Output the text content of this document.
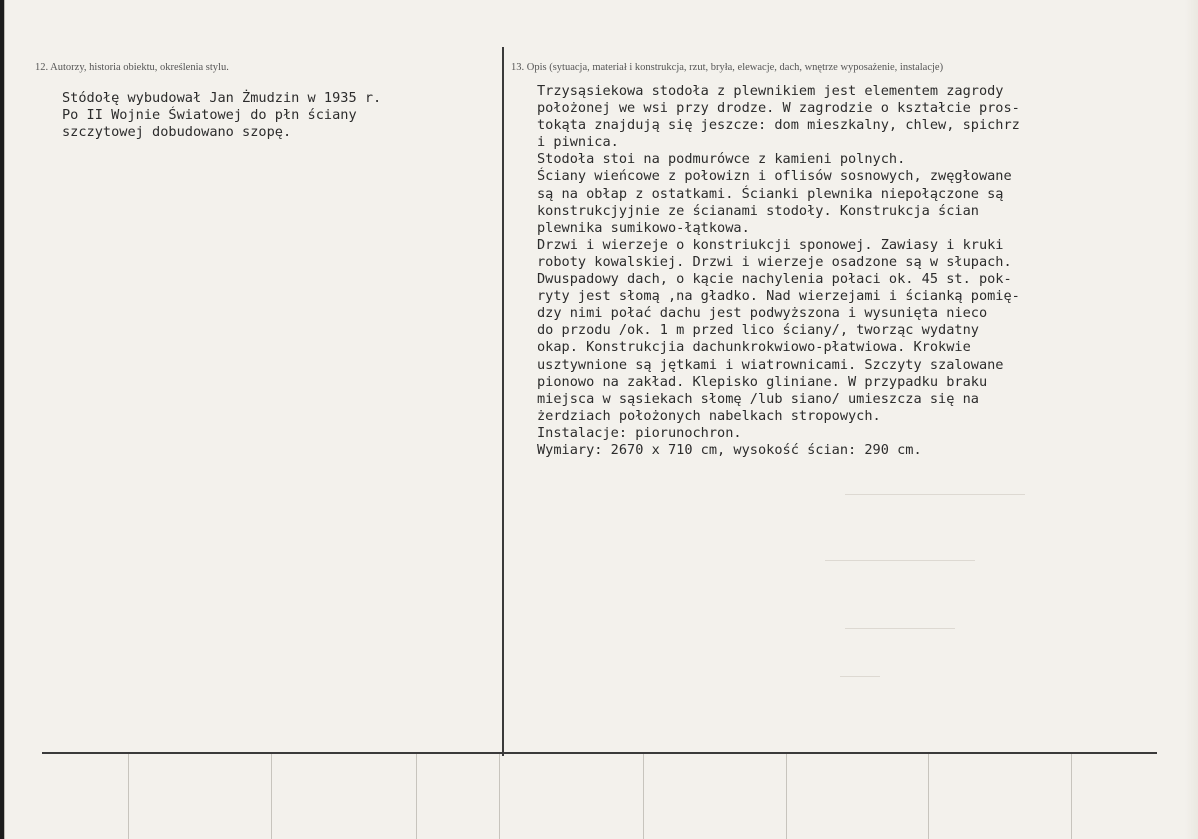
12. Autorzy, historia obiektu, określenia stylu.	13. Opis (sytuacja, materiał i konstrukcja, rzut, bryła, elewacje, dach, wnętrze wyposażenie, instalacje)
Stódołę wybudował Jan Żmudzin w 1935 r.
Po II Wojnie Światowej do płn ściany
szczytowej dobudowano szopę.
Trzysąsiekowa stodoła z plewnikiem jest elementem zagrody
położonej we wsi przy drodze. W zagrodzie o kształcie pros-
tokąta znajdują się jeszcze: dom mieszkalny, chlew, spichrz
i piwnica.
Stodoła stoi na podmurówce z kamieni polnych.
Ściany wieńcowe z połowizn i oflisów sosnowych, zwęgłowane
są na obłap z ostatkami. Ścianki plewnika niepołączone są
konstrukcjyjnie ze ścianami stodoły. Konstrukcja ścian
plewnika sumikowo-łątkowa.
Drzwi i wierzeje o konstriukcji sponowej. Zawiasy i kruki
roboty kowalskiej. Drzwi i wierzeje osadzone są w słupach.
Dwuspadowy dach, o kącie nachylenia połaci ok. 45 st. pok-
ryty jest słomą ,na gładko. Nad wierzejami i ścianką pomię-
dzy nimi połać dachu jest podwyższona i wysunięta nieco
do przodu /ok. 1 m przed lico ściany/, tworząc wydatny
okap. Konstrukcjia dachunkrokwiowo-płatwiowa. Krokwie
usztywnione są jętkami i wiatrownicami. Szczyty szalowane
pionowo na zakład. Klepisko gliniane. W przypadku braku
miejsca w sąsiekach słomę /lub siano/ umieszcza się na
żerdziach położonych nabelkach stropowych.
Instalacje: piorunochron.
Wymiary: 2670 x 710 cm, wysokość ścian: 290 cm.
